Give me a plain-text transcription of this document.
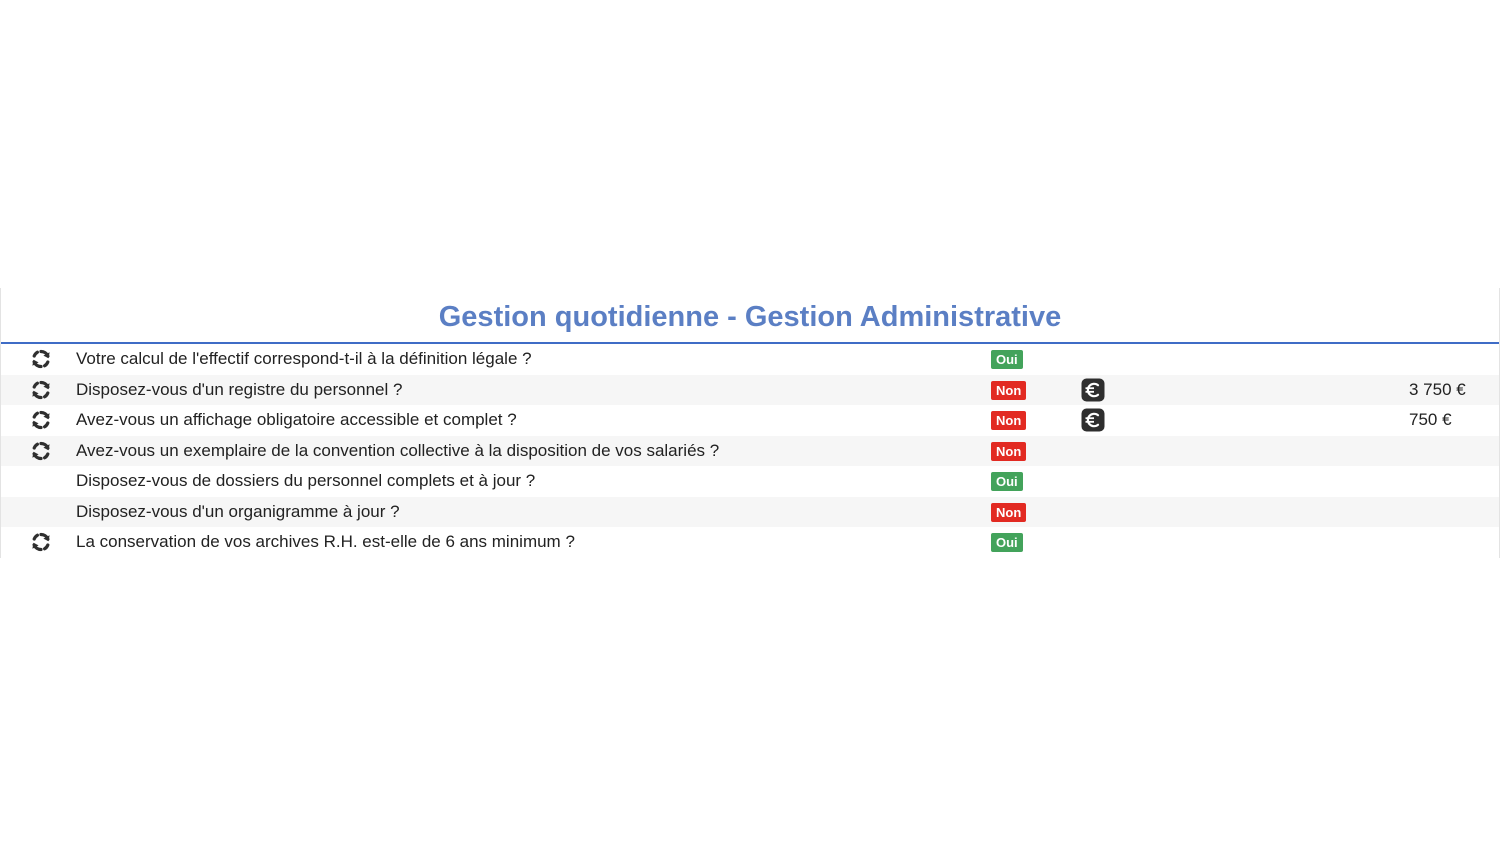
Gestion quotidienne - Gestion Administrative
Votre calcul de l'effectif correspond-t-il à la définition légale ?	Oui
Disposez-vous d'un registre du personnel ?	Non	3 750 €
Avez-vous un affichage obligatoire accessible et complet ?	Non	750 €
Avez-vous un exemplaire de la convention collective à la disposition de vos salariés ?	Non
Disposez-vous de dossiers du personnel complets et à jour ?	Oui
Disposez-vous d'un organigramme à jour ?	Non
La conservation de vos archives R.H. est-elle de 6 ans minimum ?	Oui
